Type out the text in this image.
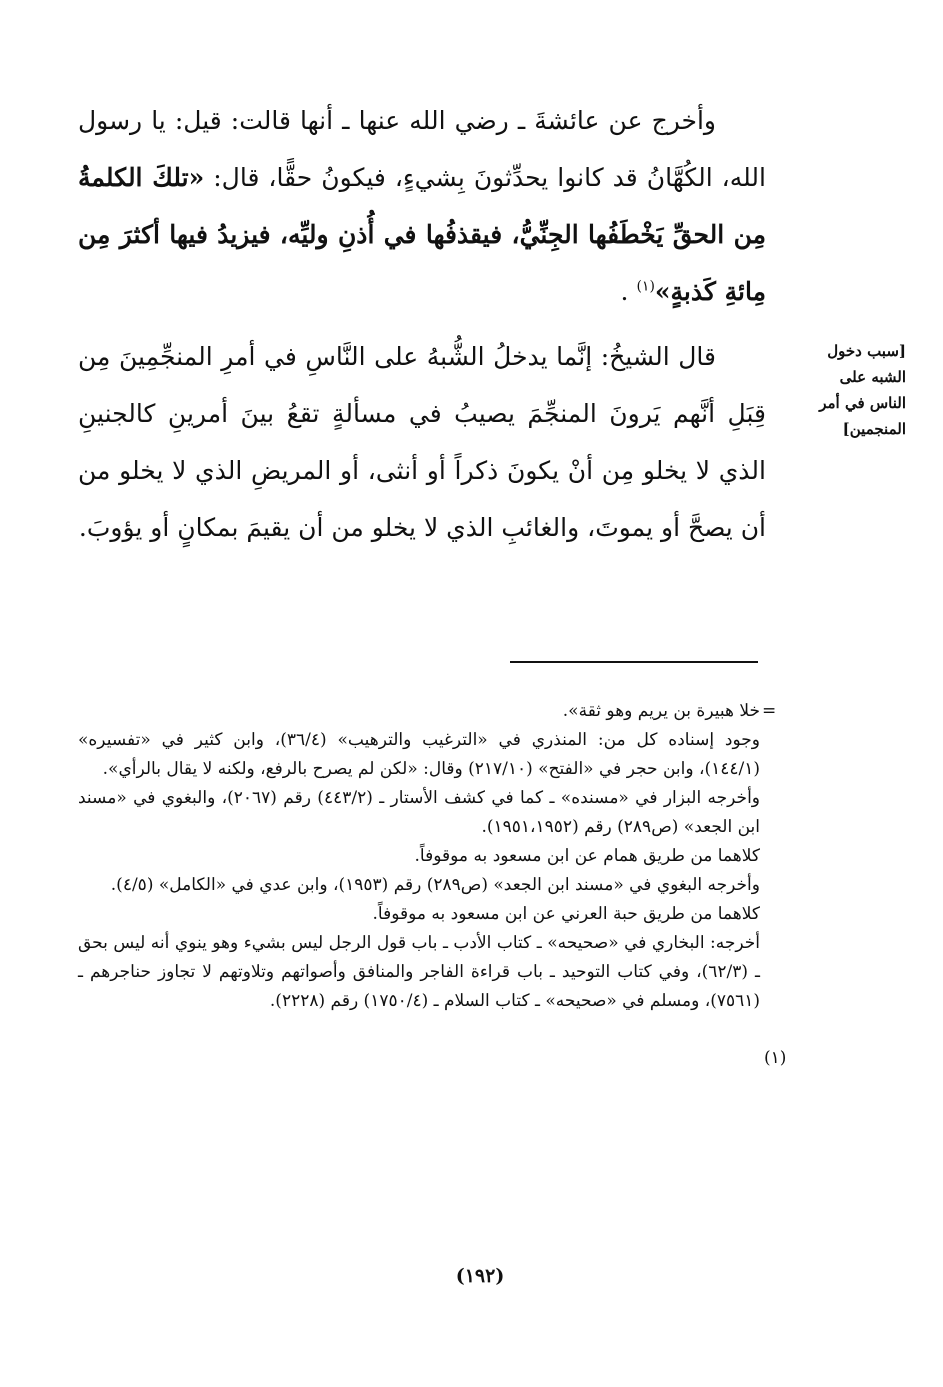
وأخرج عن عائشةَ ـ رضي الله عنها ـ أنها قالت: قيل: يا رسول الله، الكُهَّانُ قد كانوا يحدِّثونَ بِشيءٍ، فيكونُ حقًّا، قال: «تلكَ الكلمةُ مِن الحقِّ يَخْطَفُها الجِنِّيُّ، فيقذفُها في أُذنِ وليِّه، فيزيدُ فيها أكثرَ مِن مِائةِ كَذبةٍ»$^{(١)}$ .

قال الشيخُ: إنَّما يدخلُ الشُّبهُ على النَّاسِ في أمرِ المنجِّمِينَ مِن قِبَلِ أنَّهم يَرونَ المنجِّمَ يصيبُ في مسألةٍ تقعُ بينَ أمرينِ كالجنينِ الذي لا يخلو مِن أنْ يكونَ ذكراً أو أنثى، أو المريضِ الذي لا يخلو من أن يصحَّ أو يموتَ، والغائبِ الذي لا يخلو من أن يقيمَ بمكانٍ أو يؤوبَ.

[سبب دخول الشبه على الناس في أمر المنجمين]
=
(١)

خلا هبيرة بن يريم وهو ثقة».

وجود إسناده كل من: المنذري في «الترغيب والترهيب» (٣٦/٤)، وابن كثير في «تفسيره» (١٤٤/١)، وابن حجر في «الفتح» (٢١٧/١٠) وقال: «لكن لم يصرح بالرفع، ولكنه لا يقال بالرأي».

وأخرجه البزار في «مسنده» ـ كما في كشف الأستار ـ (٤٤٣/٢) رقم (٢٠٦٧)، والبغوي في «مسند ابن الجعد» (ص٢٨٩) رقم (١٩٥١،١٩٥٢).

كلاهما من طريق همام عن ابن مسعود به موقوفاً.

وأخرجه البغوي في «مسند ابن الجعد» (ص٢٨٩) رقم (١٩٥٣)، وابن عدي في «الكامل» (٤/٥).

كلاهما من طريق حبة العرني عن ابن مسعود به موقوفاً.

أخرجه: البخاري في «صحيحه» ـ كتاب الأدب ـ باب قول الرجل ليس بشيء وهو ينوي أنه ليس بحق ـ (٦٢/٣)، وفي كتاب التوحيد ـ باب قراءة الفاجر والمنافق وأصواتهم وتلاوتهم لا تجاوز حناجرهم ـ (٧٥٦١)، ومسلم في «صحيحه» ـ كتاب السلام ـ (١٧٥٠/٤) رقم (٢٢٢٨).

(١٩٢)
